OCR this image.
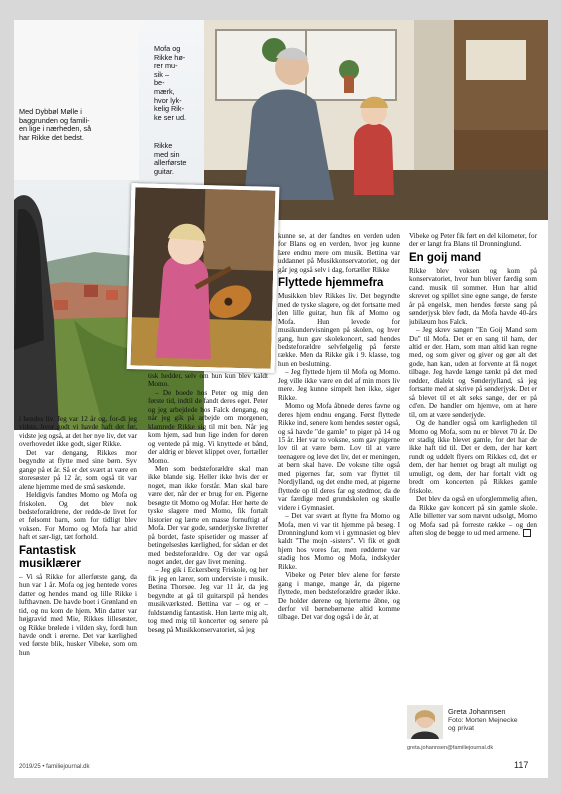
Med Dybbøl Mølle i
baggrunden og famili-
en lige i nærheden, så
har Rikke det bedst.
Mofa og
Rikke hø-
rer mu-
sik –
be-
mærk,
hvor lyk-
kelig Rik-
ke ser ud.
Rikke
med sin
allerførste
guitar.

i hendes liv. Jeg var 12 år og, for-di jeg vidste, hvor godt vi havde haft det før, vidste jeg også, at det her nye liv, det var overhovedet ikke godt, siger Rikke.

Det var dengang, Rikkes mor begyndte at flytte med sine børn. Syv gange på et år. Så er det svært at være en storesøster på 12 år, som også tit var alene hjemme med de små søskende.

Heldigvis fandtes Momo og Mofa og friskolen. Og det blev nok bedsteforældrene, der redde-de livet for et følsomt barn, som for tidligt blev voksen. For Momo og Mofa har altid haft et sær-ligt, tæt forhold.

Fantastisk musiklærer

– Vi så Rikke for allerførste gang, da hun var 1 år. Mofa og jeg hentede vores datter og hendes mand og lille Rikke i lufthavnen. De havde boet i Grønland en tid, og nu kom de hjem. Min datter var højgravid med Mie, Rikkes lillesøster, og Rikke brølede i vilden sky, fordi hun havde ondt i ørerne. Det var kærlighed ved første blik, husker Vibeke, som om hun

tisk hedder, selv om hun kun blev kaldt Momo.

– De boede hos Peter og mig den første tid, indtil de fandt deres eget. Peter og jeg arbejdede hos Falck dengang, og når jeg gik på arbejde om morgenen, klamrede Rikke sig til mit ben. Når jeg kom hjem, sad hun lige inden for døren og ventede på mig. Vi knyttede et bånd, der aldrig er blevet klippet over, fortæller Momo.

Men som bedsteforældre skal man ikke blande sig. Heller ikke hvis der er noget, man ikke forstår. Man skal bare være der, når der er brug for en. Pigerne besøgte tit Momo og Mofar. Her hørte de tyske slagere med Momo, fik fortalt historier og lærte en masse fornuftigt af Mofa. Der var gode, sønderjyske livretter på bordet, faste spisetider og masser af betingelsesløs kærlighed, for sådan er det med bedsteforældre. Og der var også noget andet, der gav livet mening.

– Jeg gik i Eckersberg Friskole, og her fik jeg en lærer, som underviste i musik. Betina Thorsøe. Jeg var 11 år, da jeg begyndte at gå til guitarspil på hendes musikværksted. Bettina var – og er – fuldstændig fantastisk. Hun lærte mig alt, tog med mig til koncerter og senere på besøg på Musikkonservatoriet, så jeg

kunne se, at der fandtes en verden uden for Blans og en verden, hvor jeg kunne lære endnu mere om musik. Bettina var uddannet på Musikkonservatoriet, og der går jeg også selv i dag, fortæller Rikke

Flyttede hjemmefra

Musikken blev Rikkes liv. Det begyndte med de tyske slagere, og det fortsatte med den lille guitar, hun fik af Momo og Mofa. Hun levede for musikundervisningen på skolen, og hver gang, hun gav skolekoncert, sad hendes bedsteforældre selvfølgelig på første række. Men da Rikke gik i 9. klasse, tog hun en beslutning.

– Jeg flyttede hjem til Mofa og Momo. Jeg ville ikke være en del af min mors liv mere. Jeg kunne simpelt hen ikke, siger Rikke.

Momo og Mofa åbnede deres favne og deres hjem endnu engang. Først flyttede Rikke ind, senere kom hendes søster også, og så havde "de gamle" to piger på 14 og 15 år. Her var to voksne, som gav pigerne lov til at være børn. Lov til at være teenagere og leve det liv, det er meningen, at børn skal have. De voksne tilte også med pigernes far, som var flyttet til Nordjylland, og det endte med, at pigerne flyttede op til deres far og stedmor, da de var færdige med grundskolen og skulle videre i Gymnasiet.

– Det var svært at flytte fra Momo og Mofa, men vi var tit hjemme på besøg. I Dronninglund kom vi i gymnasiet og blev kaldt "The mojn -sisters". Vi fik et godt hjem hos vores far, men rødderne var stadig hos Momo og Mofa, indskyder Rikke.

Vibeke og Peter blev alene for første gang i mange, mange år, da pigerne flyttede, men bedsteforældre græder ikke. De holder dørene og hjerterne åbne, og derfor vil børnebørnene altid komme tilbage. Det var dog også i de år, at

Vibeke og Peter fik ført en del kilometer, for der er langt fra Blans til Dronninglund.

En goij mand

Rikke blev voksen og kom på konservatoriet, hvor hun bliver færdig som cand. musik til sommer. Hun har altid skrevet og spillet sine egne sange, de første år på engelsk, men hendes første sang på sønderjysk blev født, da Mofa havde 40-års jubilæum hos Falck.

– Jeg skrev sangen "En Goij Mand som Du" til Mofa. Det er en sang til ham, der altid er der. Ham, som man altid kan regne med, og som giver og giver og gør alt det gode, han kan, uden at forvente at få noget tilbage. Jeg havde længe tænkt på det med rødder, dialekt og Sønderjylland, så jeg fortsatte med at skrive på sønderjysk. Det er så blevet til et alt seks sange, der er på cd'en. De handler om hjemve, om at høre til, om at være sønderjyde.

Og de handler også om kærligheden til Momo og Mofa, som nu er blevet 70 år. De er stadig ikke blevet gamle, for det har de ikke haft tid til. Det er dem, der har kørt rundt og uddelt flyers om Rikkes cd, det er dem, der har hentet og bragt alt muligt og umuligt, og dem, der har fortalt vidt og bredt om koncerten på Rikkes gamle friskole.

Det blev da også en uforglemmelig aften, da Rikke gav koncert på sin gamle skole. Alle billetter var som nævnt udsolgt, Momo og Mofa sad på forreste række – og den aften slog de begge to ud med armene.

Greta Johannsen
Foto: Morten Mejnecke
og privat
greta.johannsen@familiejournal.dk
2019/25 • familiejournal.dk	117
